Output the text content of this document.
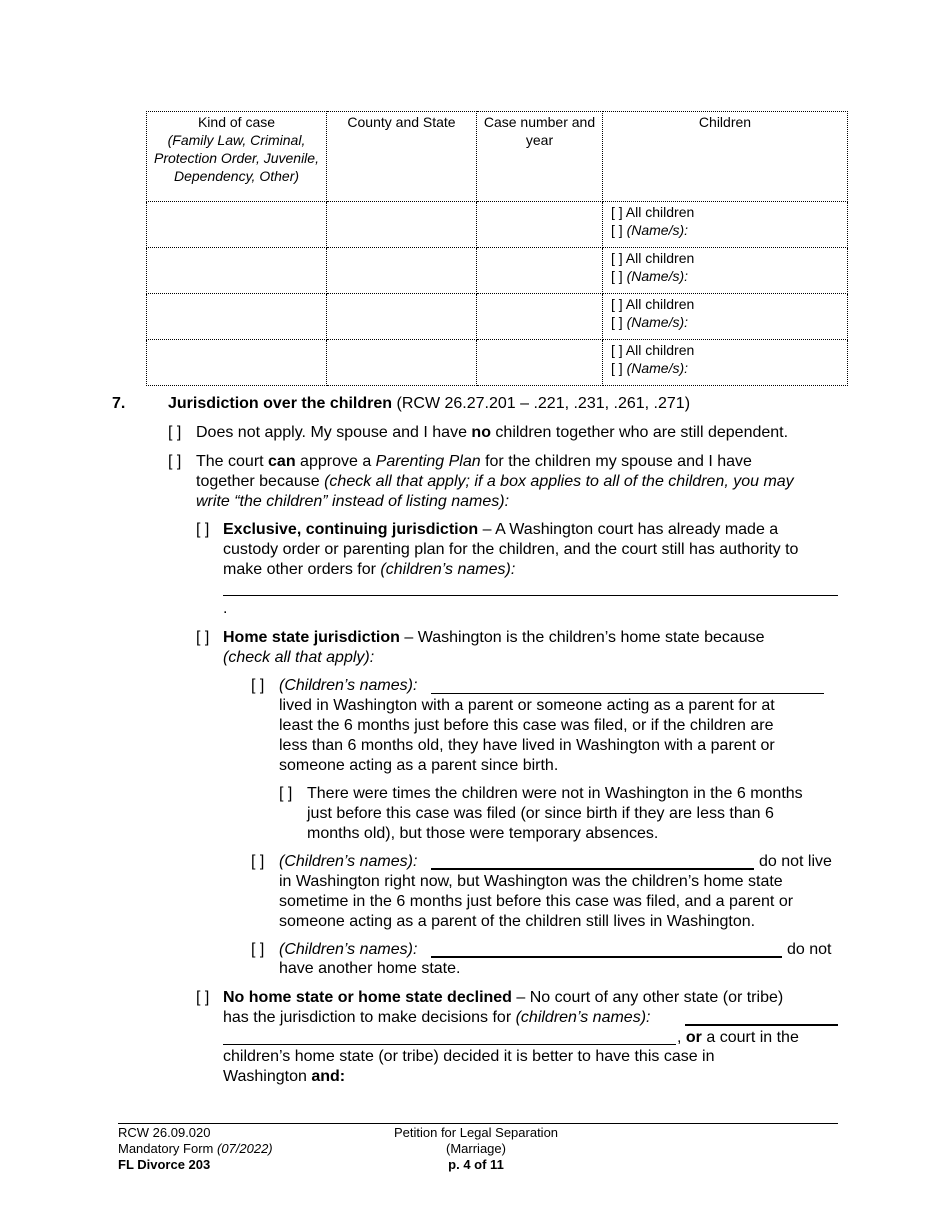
Kind of case
(Family Law, Criminal, Protection Order, Juvenile, Dependency, Other)	County and State	Case number and year	Children
			[ ] All children
[ ] (Name/s):
			[ ] All children
[ ] (Name/s):
			[ ] All children
[ ] (Name/s):
			[ ] All children
[ ] (Name/s):
7.	Jurisdiction over the children (RCW 26.27.201 – .221, .231, .261, .271)
[ ] Does not apply. My spouse and I have no children together who are still dependent.
[ ] The court can approve a Parenting Plan for the children my spouse and I have
together because (check all that apply; if a box applies to all of the children, you may
write “the children” instead of listing names):
[ ] Exclusive, continuing jurisdiction – A Washington court has already made a
custody order or parenting plan for the children, and the court still has authority to
make other orders for (children’s names):
.
[ ] Home state jurisdiction – Washington is the children’s home state because
(check all that apply):
[ ] (Children’s names):
lived in Washington with a parent or someone acting as a parent for at
least the 6 months just before this case was filed, or if the children are
less than 6 months old, they have lived in Washington with a parent or
someone acting as a parent since birth.
[ ] There were times the children were not in Washington in the 6 months
just before this case was filed (or since birth if they are less than 6
months old), but those were temporary absences.
[ ] (Children’s names):	do not live
in Washington right now, but Washington was the children’s home state
sometime in the 6 months just before this case was filed, and a parent or
someone acting as a parent of the children still lives in Washington.
[ ] (Children’s names):	do not
have another home state.
[ ] No home state or home state declined – No court of any other state (or tribe)
has the jurisdiction to make decisions for (children’s names):
, or a court in the
children’s home state (or tribe) decided it is better to have this case in
Washington and:
RCW 26.09.020
Mandatory Form (07/2022)
FL Divorce 203
Petition for Legal Separation
(Marriage)
p. 4 of 11
